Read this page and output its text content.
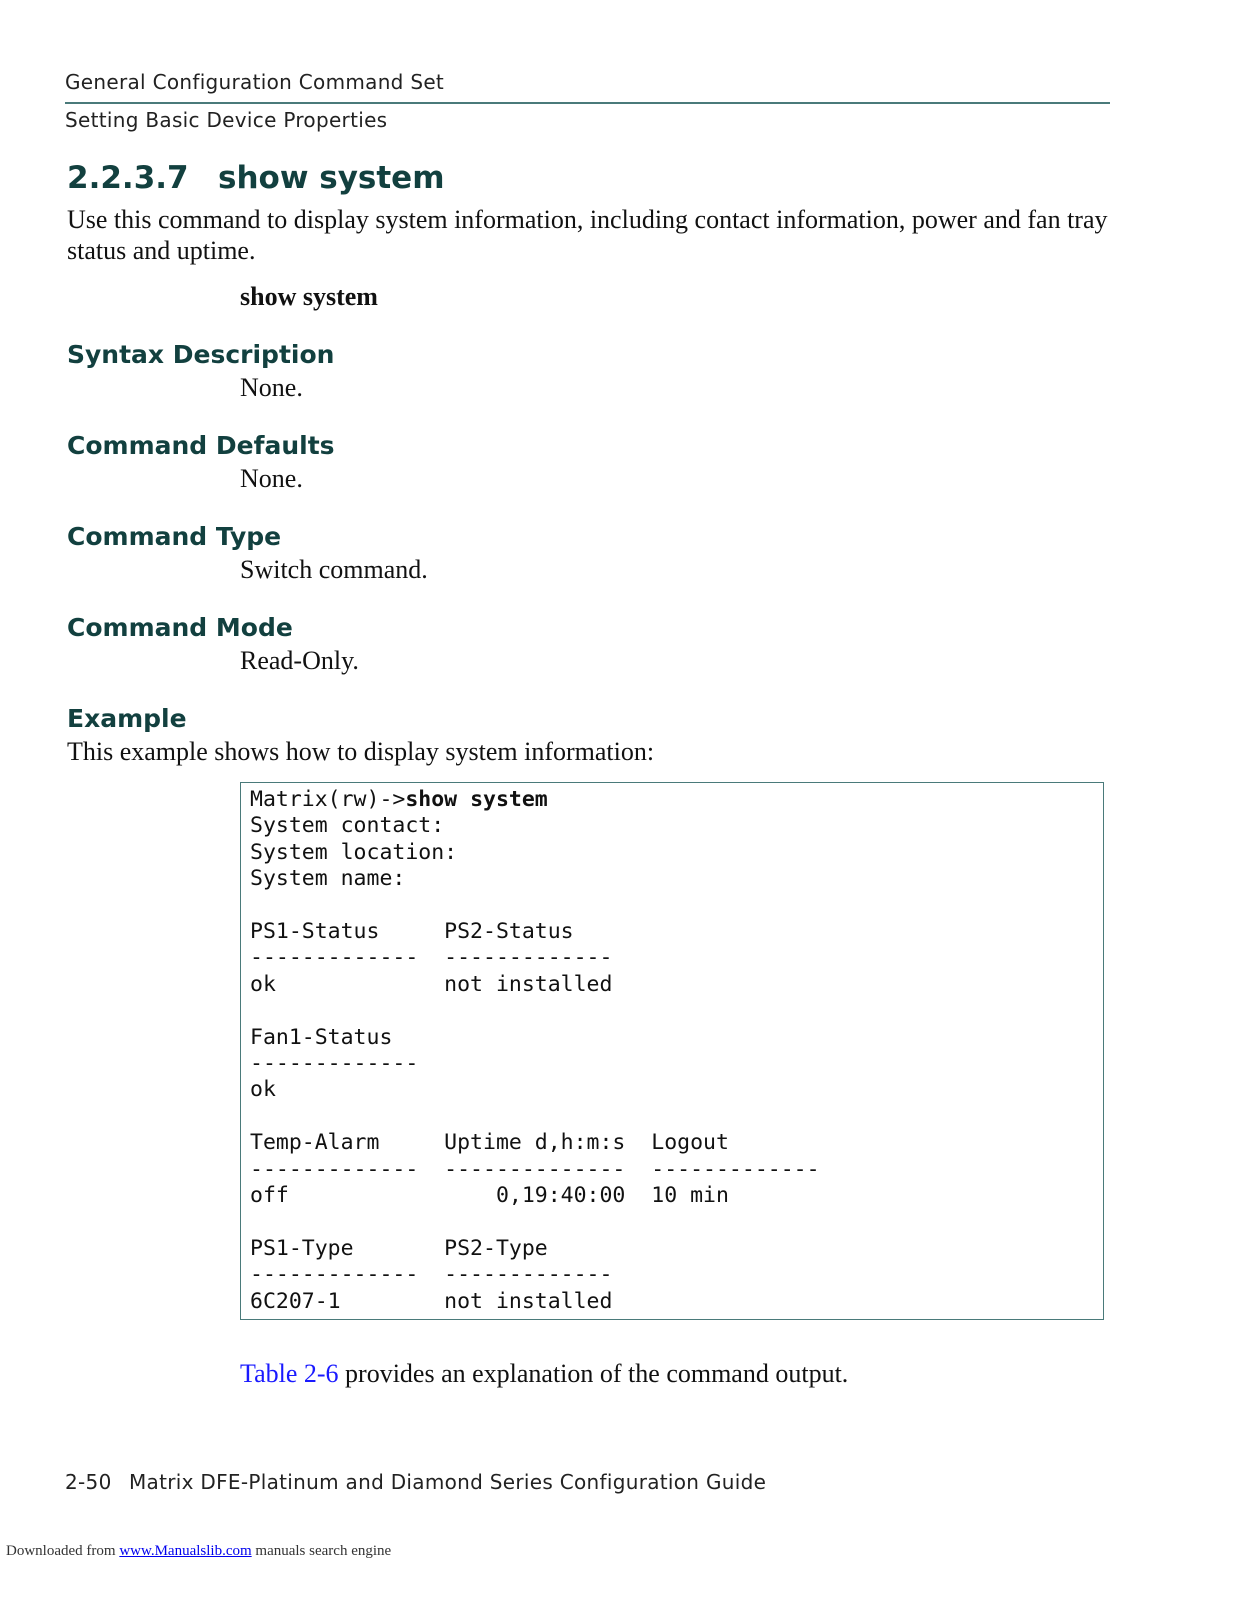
General Configuration Command Set
Setting Basic Device Properties
2.2.3.7 show system
Use this command to display system information, including contact information, power and fan tray status and uptime.
show system
Syntax Description
None.
Command Defaults
None.
Command Type
Switch command.
Command Mode
Read-Only.
Example
This example shows how to display system information:
Matrix(rw)->show system
System contact:
System location:
System name:

PS1-Status     PS2-Status
-------------  -------------
ok             not installed

Fan1-Status
-------------
ok

Temp-Alarm     Uptime d,h:m:s  Logout
-------------  --------------  -------------
off                0,19:40:00  10 min

PS1-Type       PS2-Type
-------------  -------------
6C207-1        not installed
Table 2-6 provides an explanation of the command output.
2-50 Matrix DFE-Platinum and Diamond Series Configuration Guide
Downloaded from www.Manualslib.com manuals search engine
